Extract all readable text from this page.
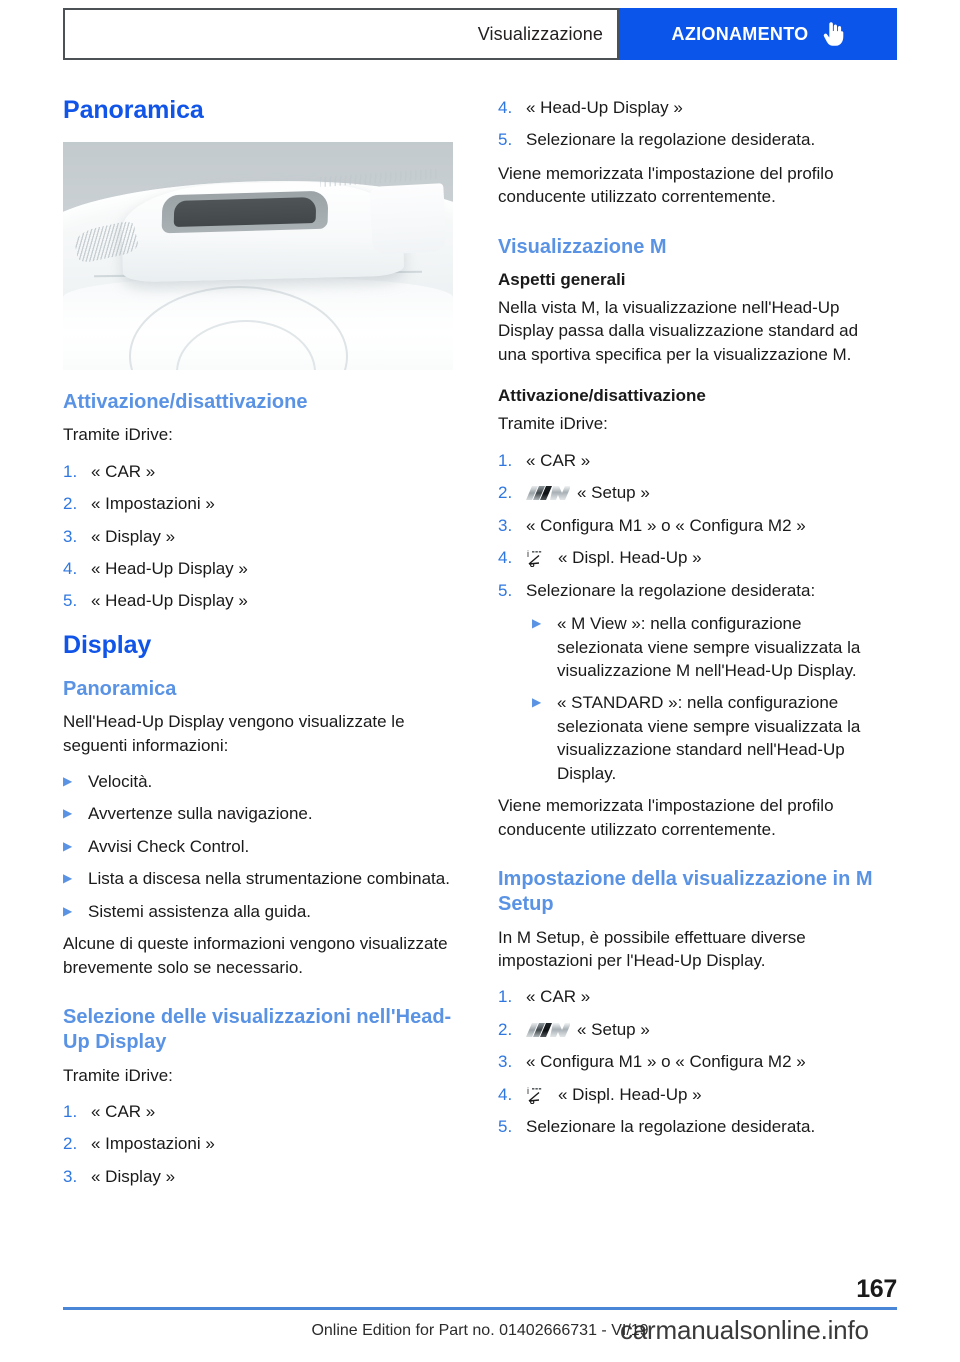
Visualizzazione	AZIONAMENTO
Panoramica
Attivazione/disattivazione

Tramite iDrive:

1. « CAR »
2. « Impostazioni »
3. « Display »
4. « Head-Up Display »
5. « Head-Up Display »
Display
Panoramica

Nell'Head-Up Display vengono visualizzate le seguenti informazioni:

▶ Velocità.
▶ Avvertenze sulla navigazione.
▶ Avvisi Check Control.
▶ Lista a discesa nella strumentazione combinata.
▶ Sistemi assistenza alla guida.

Alcune di queste informazioni vengono visualizzate brevemente solo se necessario.

Selezione delle visualizzazioni nell'Head-Up Display

Tramite iDrive:

1. « CAR »
2. « Impostazioni »
3. « Display »
4. « Head-Up Display »
5. Selezionare la regolazione desiderata.

Viene memorizzata l'impostazione del profilo conducente utilizzato correntemente.

Visualizzazione M
Aspetti generali

Nella vista M, la visualizzazione nell'Head-Up Display passa dalla visualizzazione standard ad una sportiva specifica per la visualizzazione M.

Attivazione/disattivazione

Tramite iDrive:

1. « CAR »
2.	« Setup »
3. « Configura M1 » o « Configura M2 »
4.	i « Displ. Head-Up »
5. Selezionare la regolazione desiderata:
▶ « M View »: nella configurazione selezionata viene sempre visualizzata la visualizzazione M nell'Head-Up Display.
▶ « STANDARD »: nella configurazione selezionata viene sempre visualizzata la visualizzazione standard nell'Head-Up Display.

Viene memorizzata l'impostazione del profilo conducente utilizzato correntemente.

Impostazione della visualizzazione in M Setup

In M Setup, è possibile effettuare diverse impostazioni per l'Head-Up Display.

1. « CAR »
2.	« Setup »
3. « Configura M1 » o « Configura M2 »
4.	i « Displ. Head-Up »
5. Selezionare la regolazione desiderata.
167
Online Edition for Part no. 01402666731 - VI/19
carmanualsonline.info
